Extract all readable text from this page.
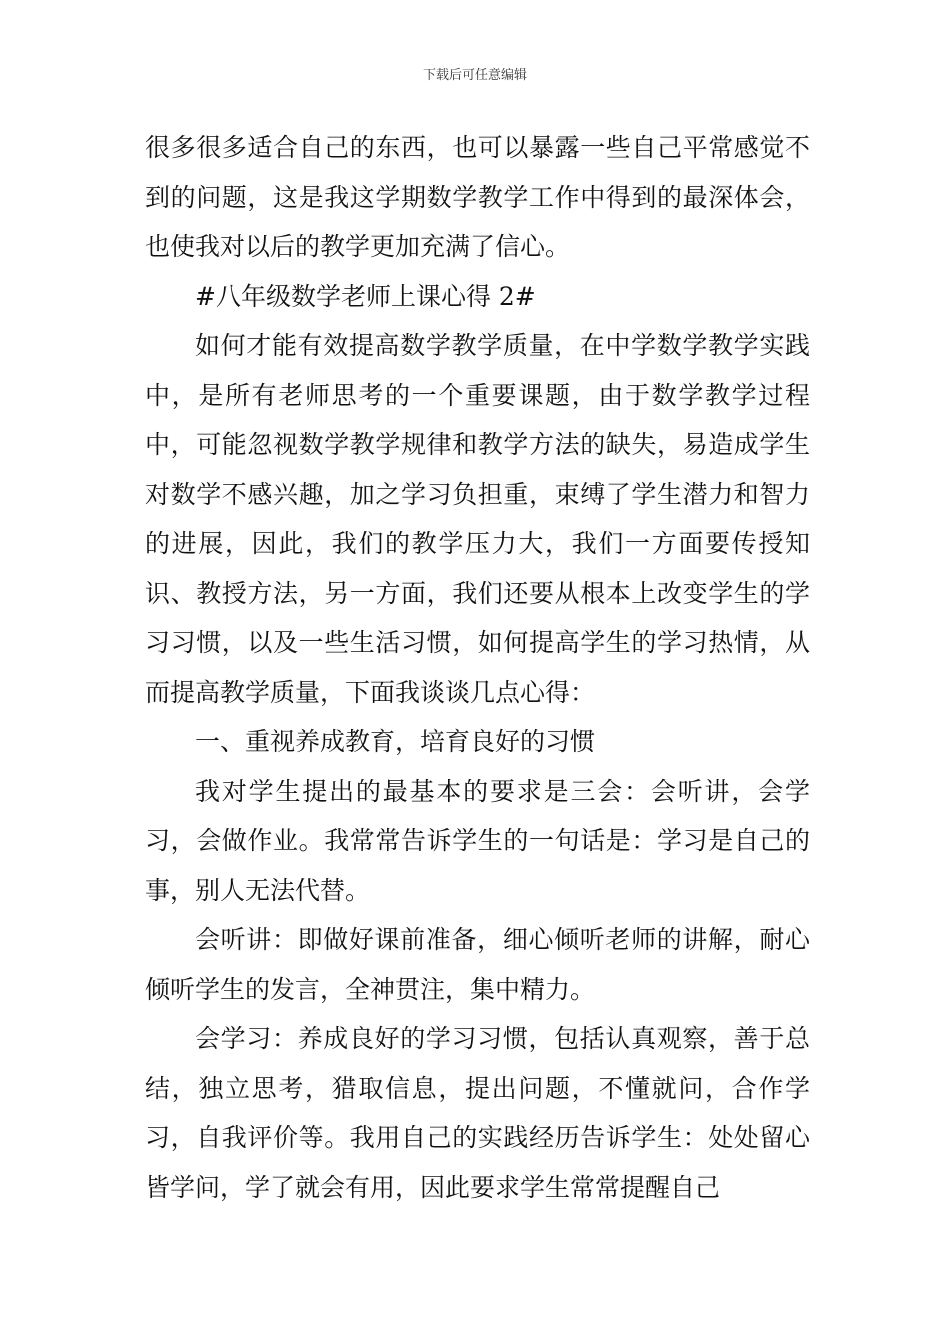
下载后可任意编辑

很多很多适合自己的东西，也可以暴露一些自己平常感觉不到的问题，这是我这学期数学教学工作中得到的最深体会，也使我对以后的教学更加充满了信心。

#八年级数学老师上课心得 2#

如何才能有效提高数学教学质量，在中学数学教学实践中，是所有老师思考的一个重要课题，由于数学教学过程中，可能忽视数学教学规律和教学方法的缺失，易造成学生对数学不感兴趣，加之学习负担重，束缚了学生潜力和智力的进展，因此，我们的教学压力大，我们一方面要传授知识、教授方法，另一方面，我们还要从根本上改变学生的学习习惯，以及一些生活习惯，如何提高学生的学习热情，从而提高教学质量，下面我谈谈几点心得：

一、重视养成教育，培育良好的习惯

我对学生提出的最基本的要求是三会：会听讲，会学习，会做作业。我常常告诉学生的一句话是：学习是自己的事，别人无法代替。

会听讲：即做好课前准备，细心倾听老师的讲解，耐心倾听学生的发言，全神贯注，集中精力。

会学习：养成良好的学习习惯，包括认真观察，善于总结，独立思考，猎取信息，提出问题，不懂就问，合作学习，自我评价等。我用自己的实践经历告诉学生：处处留心皆学问，学了就会有用，因此要求学生常常提醒自己
